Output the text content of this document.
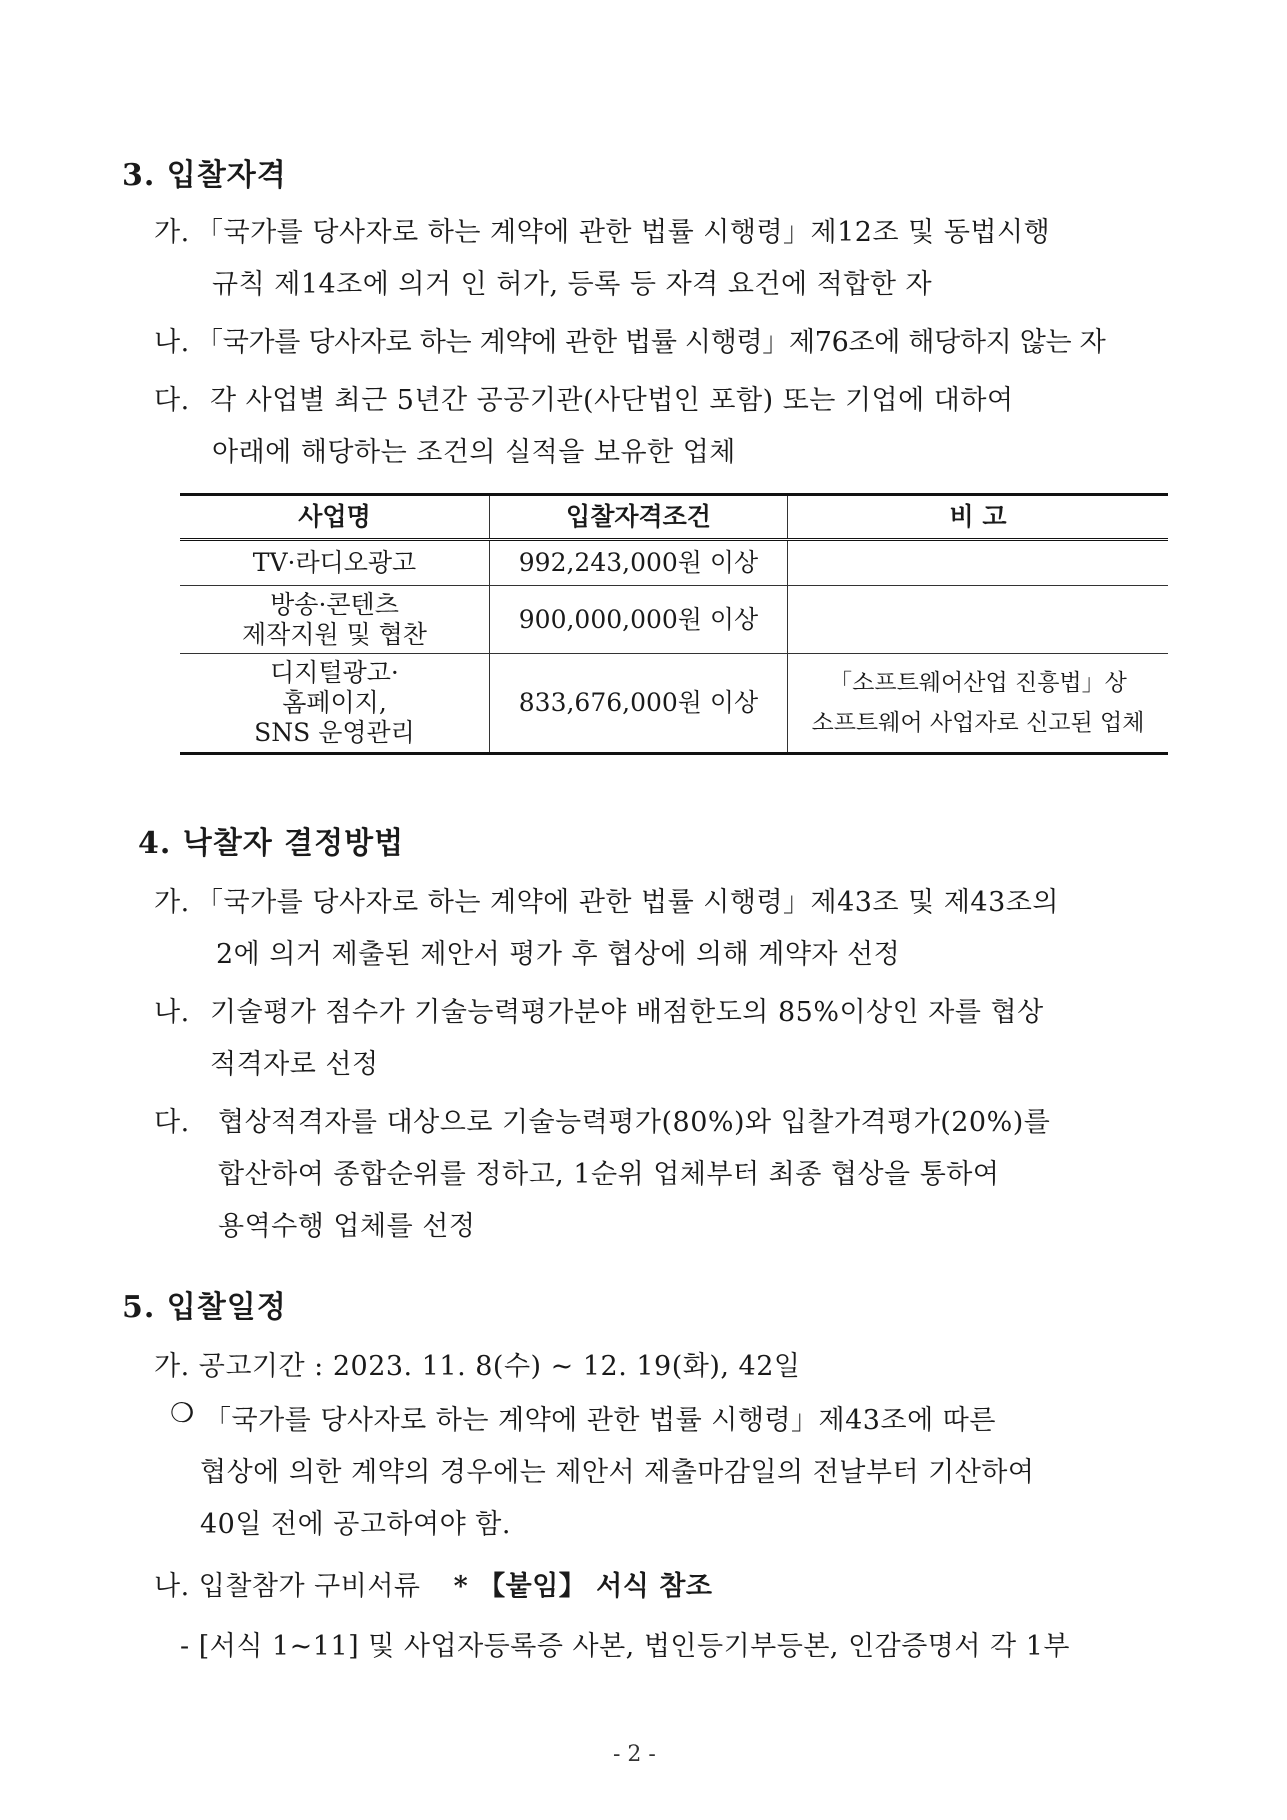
3. 입찰자격
가. 「국가를 당사자로 하는 계약에 관한 법률 시행령」제12조 및 동법시행
규칙 제14조에 의거 인 허가, 등록 등 자격 요건에 적합한 자
나. 「국가를 당사자로 하는 계약에 관한 법률 시행령」제76조에 해당하지 않는 자
다. 각 사업별 최근 5년간 공공기관(사단법인 포함) 또는 기업에 대하여
아래에 해당하는 조건의 실적을 보유한 업체
사업명	입찰자격조건	비 고

TV·라디오광고	992,243,000원 이상	

방송·콘텐츠
제작지원 및 협찬	900,000,000원 이상	

디지털광고·
홈페이지,
SNS 운영관리	833,676,000원 이상	「소프트웨어산업 진흥법」상
소프트웨어 사업자로 신고된 업체
4. 낙찰자 결정방법
가. 「국가를 당사자로 하는 계약에 관한 법률 시행령」제43조 및 제43조의
2에 의거 제출된 제안서 평가 후 협상에 의해 계약자 선정
나. 기술평가 점수가 기술능력평가분야 배점한도의 85%이상인 자를 협상
적격자로 선정
다. 협상적격자를 대상으로 기술능력평가(80%)와 입찰가격평가(20%)를
합산하여 종합순위를 정하고, 1순위 업체부터 최종 협상을 통하여
용역수행 업체를 선정
5. 입찰일정
가. 공고기간 : 2023. 11. 8(수) ~ 12. 19(화), 42일
❍ 「국가를 당사자로 하는 계약에 관한 법률 시행령」제43조에 따른
협상에 의한 계약의 경우에는 제안서 제출마감일의 전날부터 기산하여
40일 전에 공고하여야 함.
나. 입찰참가 구비서류 * 【붙임】 서식 참조
- [서식 1~11] 및 사업자등록증 사본, 법인등기부등본, 인감증명서 각 1부
- 2 -
